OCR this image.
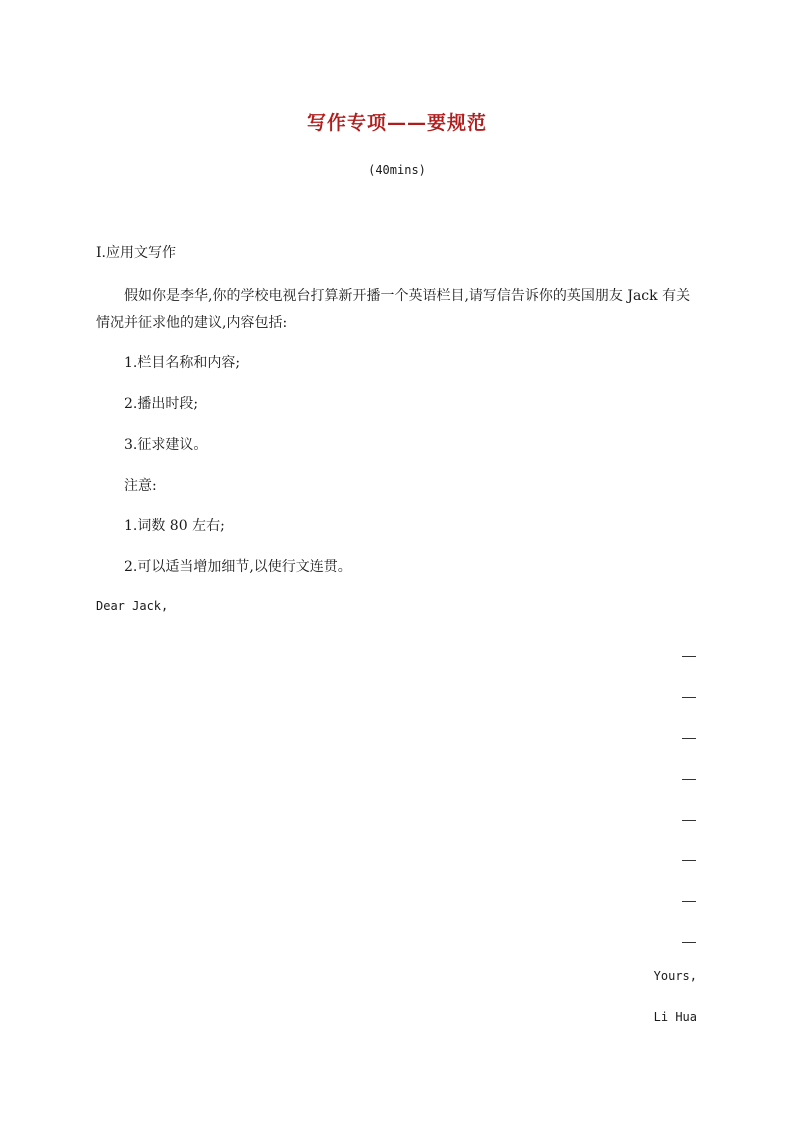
写作专项——要规范
(40mins)
Ⅰ.应用文写作
假如你是李华,你的学校电视台打算新开播一个英语栏目,请写信告诉你的英国朋友 Jack 有关
情况并征求他的建议,内容包括:
1.栏目名称和内容;
2.播出时段;
3.征求建议。
注意:
1.词数 80 左右;
2.可以适当增加细节,以使行文连贯。
Dear Jack,
Yours,
Li Hua
